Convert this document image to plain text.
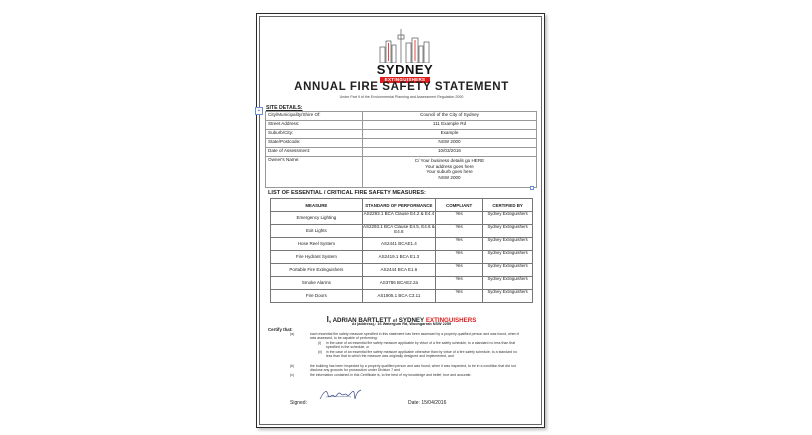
SYDNEY
EXTINGUISHERS
ANNUAL FIRE SAFETY STATEMENT
Under Part 9 of the Environmental Planning and Assessment Regulation 2000
+	SITE DETAILS:
City/Municipality/Shire Of:	Council of the City of Sydney
Street Address:	111 Example Rd
Suburb/City:	Example
State/Postcode:	NSW 2000
Date of Assessment:	10/03/2016
Owner's Name:	C/ Your business details go HERE
Your address goes here
Your suburb goes here
NSW 2000
LIST OF ESSENTIAL / CRITICAL FIRE SAFETY MEASURES:
MEASURE	STANDARD OF PERFORMANCE	COMPLIANT	CERTIFIED BY
Emergency Lighting	AS2293.1 BCA Clause E4.2 & E4.4	Yes	Sydney Extinguishers
Exit Lights	AS2293.1 BCA Clause E4.5, E4.6 & E4.8	Yes	Sydney Extinguishers
Hose Reel System	AS2441 BCAE1.4	Yes	Sydney Extinguishers
Fire Hydrant System	AS2419.1 BCA E1.3	Yes	Sydney Extinguishers
Portable Fire Extinguishers	AS2444 BCA E1.6	Yes	Sydney Extinguishers
Smoke Alarms	AS3786 BCAE2.2a	Yes	Sydney Extinguishers
Fire Doors	AS1905.1 BCA C3.11	Yes	Sydney Extinguishers
I, ADRIAN BARTLETT of SYDNEY EXTINGUISHERS
At (address),: 16 Watergum Rd, Woongarrah NSW 2259
Certify that:
(a)	each essential fire safety measure specified in this statement has been assessed by a properly qualified person and was found, when it was assessed, to be capable of performing:
(i)	in the case of an essential fire safety measure applicable by virtue of a fire safety schedule, to a standard no less than that specified in the schedule, or
(ii)	in the case of an essential fire safety measure applicable otherwise than by virtue of a fire safety schedule, to a standard no less than that to which the measure was originally designed and implemented, and
(b)	the building has been inspected by a properly qualified person and was found, when it was inspected, to be in a condition that did not disclose any grounds for prosecution under Division 7 and
(c)	the information contained in this Certificate is, to the best of my knowledge and belief, true and accurate.
Signed:	Date: 15/04/2016
